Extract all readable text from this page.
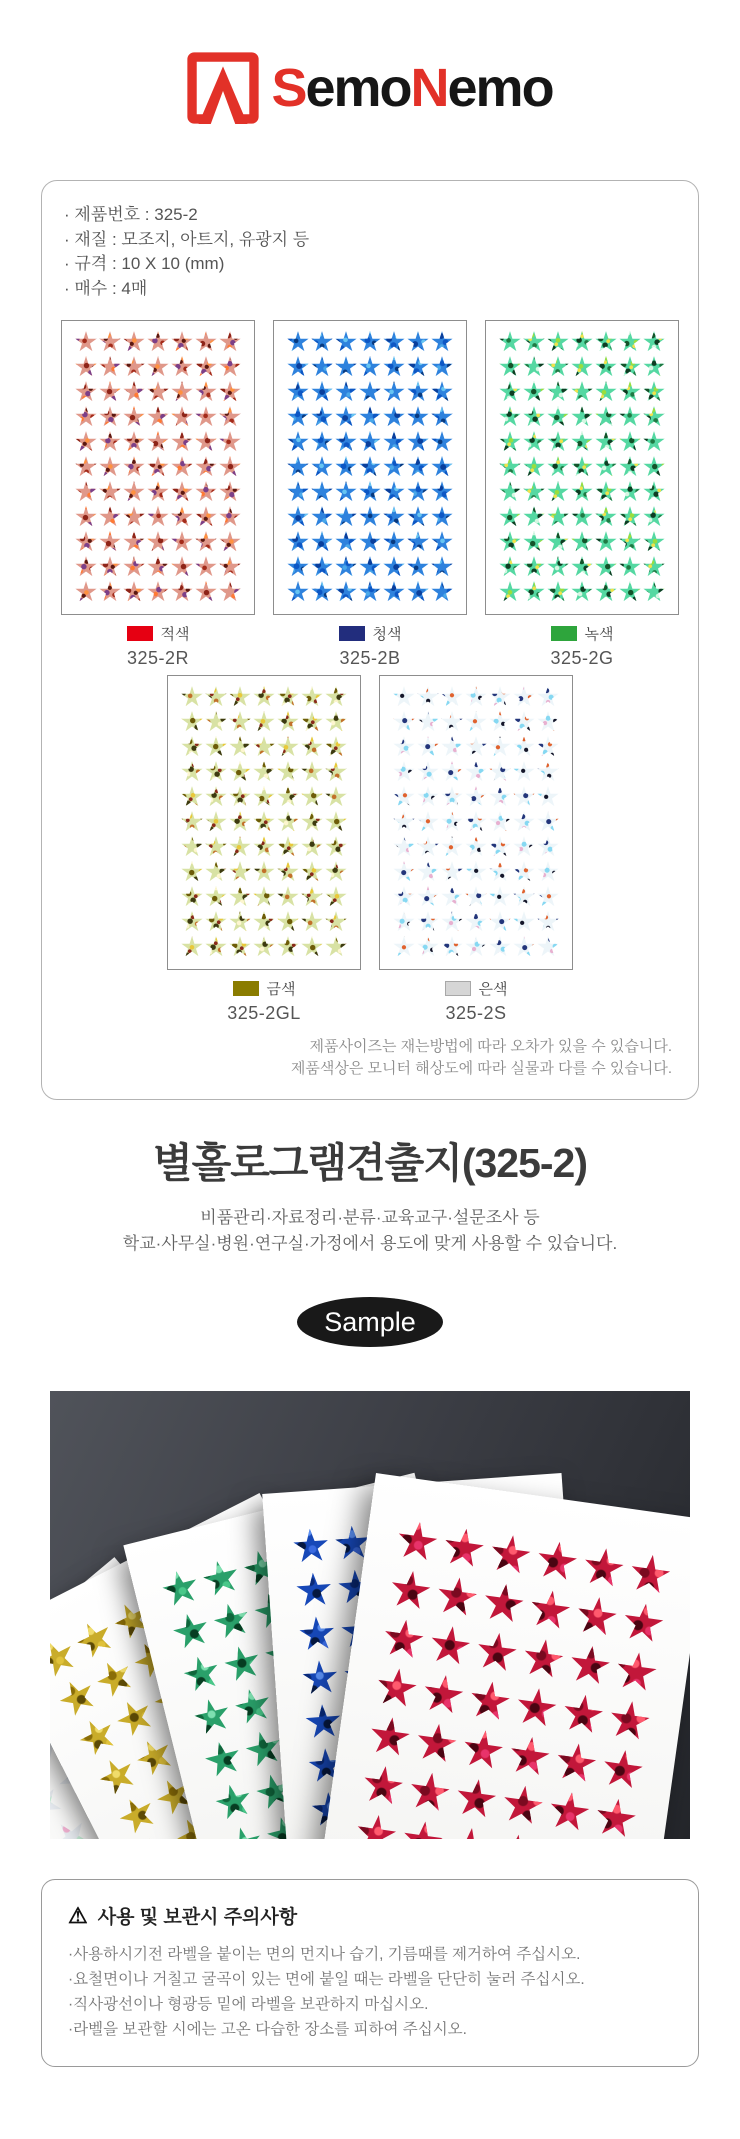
SemoNemo
· 제품번호 : 325-2
· 재질 : 모조지, 아트지, 유광지 등
· 규격 : 10 X 10 (mm)
· 매수 : 4매
적색
325-2R
청색
325-2B
녹색
325-2G
금색
325-2GL
은색
325-2S
제품사이즈는 재는방법에 따라 오차가 있을 수 있습니다.
제품색상은 모니터 해상도에 따라 실물과 다를 수 있습니다.
별홀로그램견출지(325-2)
비품관리·자료정리·분류·교육교구·설문조사 등
학교·사무실·병원·연구실·가정에서 용도에 맞게 사용할 수 있습니다.
Sample
⚠ 사용 및 보관시 주의사항
·사용하시기전 라벨을 붙이는 면의 먼지나 습기, 기름때를 제거하여 주십시오.
·요철면이나 거칠고 굴곡이 있는 면에 붙일 때는 라벨을 단단히 눌러 주십시오.
·직사광선이나 형광등 밑에 라벨을 보관하지 마십시오.
·라벨을 보관할 시에는 고온 다습한 장소를 피하여 주십시오.
